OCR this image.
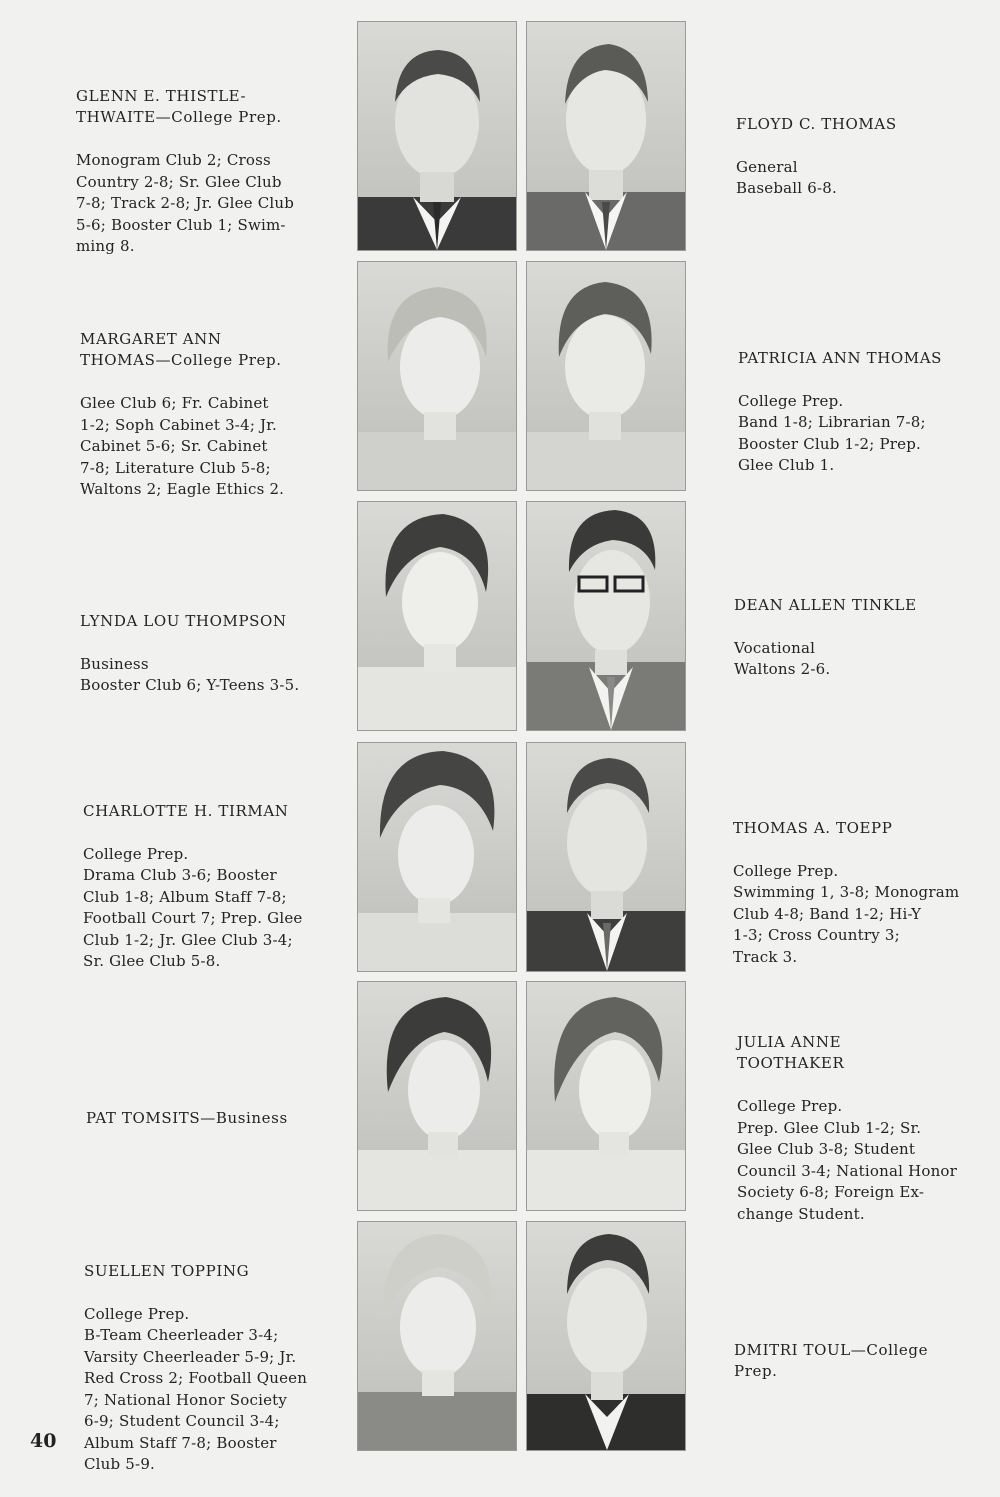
GLENN E. THISTLE-
THWAITE—College Prep.

Monogram Club 2; Cross
Country 2-8; Sr. Glee Club
7-8; Track 2-8; Jr. Glee Club
5-6; Booster Club 1; Swim-
ming 8.

FLOYD C. THOMAS

General
Baseball 6-8.

MARGARET ANN
THOMAS—College Prep.

Glee Club 6; Fr. Cabinet
1-2; Soph Cabinet 3-4; Jr.
Cabinet 5-6; Sr. Cabinet
7-8; Literature Club 5-8;
Waltons 2; Eagle Ethics 2.

PATRICIA ANN THOMAS

College Prep.
Band 1-8; Librarian 7-8;
Booster Club 1-2; Prep.
Glee Club 1.

LYNDA LOU THOMPSON

Business
Booster Club 6; Y-Teens 3-5.

DEAN ALLEN TINKLE

Vocational
Waltons 2-6.

CHARLOTTE H. TIRMAN

College Prep.
Drama Club 3-6; Booster
Club 1-8; Album Staff 7-8;
Football Court 7; Prep. Glee
Club 1-2; Jr. Glee Club 3-4;
Sr. Glee Club 5-8.

THOMAS A. TOEPP

College Prep.
Swimming 1, 3-8; Monogram
Club 4-8; Band 1-2; Hi-Y
1-3; Cross Country 3;
Track 3.

PAT TOMSITS—Business

JULIA ANNE
TOOTHAKER

College Prep.
Prep. Glee Club 1-2; Sr.
Glee Club 3-8; Student
Council 3-4; National Honor
Society 6-8; Foreign Ex-
change Student.

SUELLEN TOPPING

College Prep.
B-Team Cheerleader 3-4;
Varsity Cheerleader 5-9; Jr.
Red Cross 2; Football Queen
7; National Honor Society
6-9; Student Council 3-4;
Album Staff 7-8; Booster
Club 5-9.

DMITRI TOUL—College
Prep.

40
